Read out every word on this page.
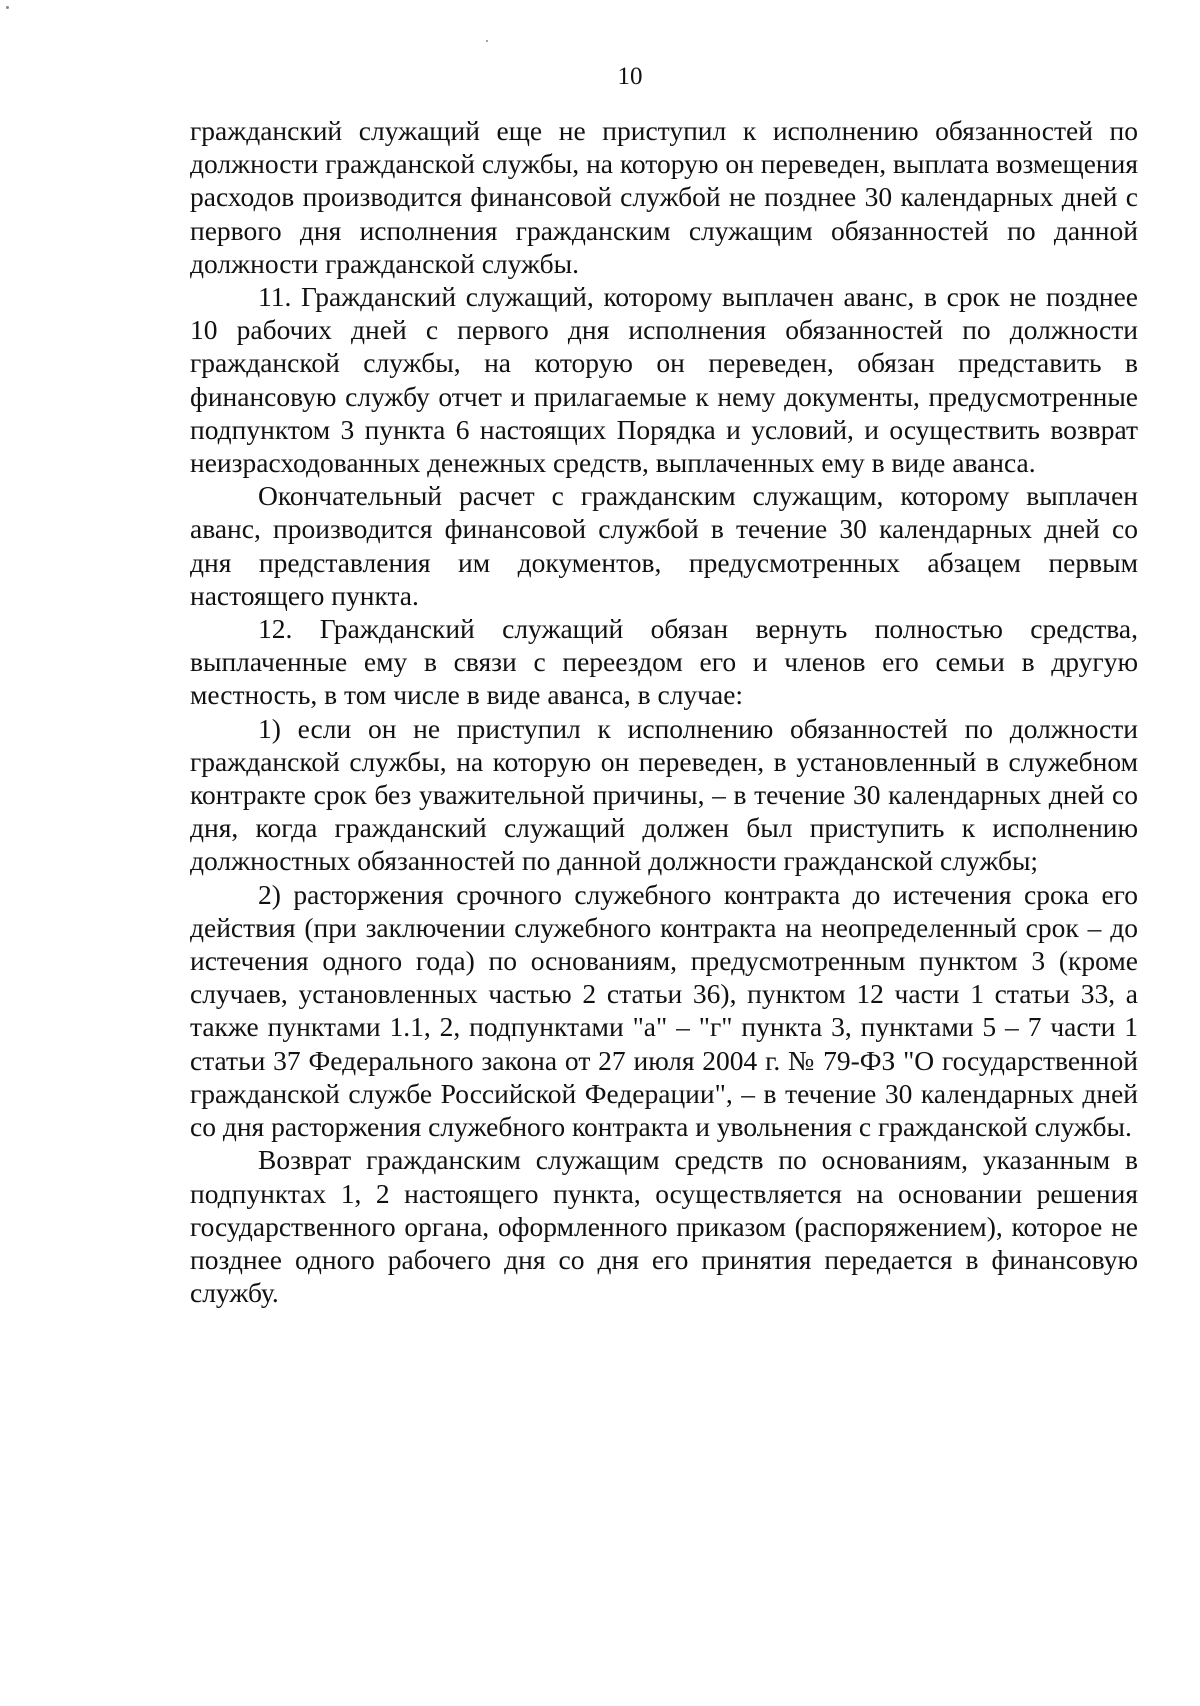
10

гражданский служащий еще не приступил к исполнению обязанностей по должности гражданской службы, на которую он переведен, выплата возмещения расходов производится финансовой службой не позднее 30 календарных дней с первого дня исполнения гражданским служащим обязанностей по данной должности гражданской службы.

11. Гражданский служащий, которому выплачен аванс, в срок не позднее 10 рабочих дней с первого дня исполнения обязанностей по должности гражданской службы, на которую он переведен, обязан представить в финансовую службу отчет и прилагаемые к нему документы, предусмотренные подпунктом 3 пункта 6 настоящих Порядка и условий, и осуществить возврат неизрасходованных денежных средств, выплаченных ему в виде аванса.

Окончательный расчет с гражданским служащим, которому выплачен аванс, производится финансовой службой в течение 30 календарных дней со дня представления им документов, предусмотренных абзацем первым настоящего пункта.

12. Гражданский служащий обязан вернуть полностью средства, выплаченные ему в связи с переездом его и членов его семьи в другую местность, в том числе в виде аванса, в случае:

1) если он не приступил к исполнению обязанностей по должности гражданской службы, на которую он переведен, в установленный в служебном контракте срок без уважительной причины, – в течение 30 календарных дней со дня, когда гражданский служащий должен был приступить к исполнению должностных обязанностей по данной должности гражданской службы;

2) расторжения срочного служебного контракта до истечения срока его действия (при заключении служебного контракта на неопределенный срок – до истечения одного года) по основаниям, предусмотренным пунктом 3 (кроме случаев, установленных частью 2 статьи 36), пунктом 12 части 1 статьи 33, а также пунктами 1.1, 2, подпунктами "а" – "г" пункта 3, пунктами 5 – 7 части 1 статьи 37 Федерального закона от 27 июля 2004 г. № 79-ФЗ "О государственной гражданской службе Российской Федерации", – в течение 30 календарных дней со дня расторжения служебного контракта и увольнения с гражданской службы.

Возврат гражданским служащим средств по основаниям, указанным в подпунктах 1, 2 настоящего пункта, осуществляется на основании решения государственного органа, оформленного приказом (распоряжением), которое не позднее одного рабочего дня со дня его принятия передается в финансовую службу.
